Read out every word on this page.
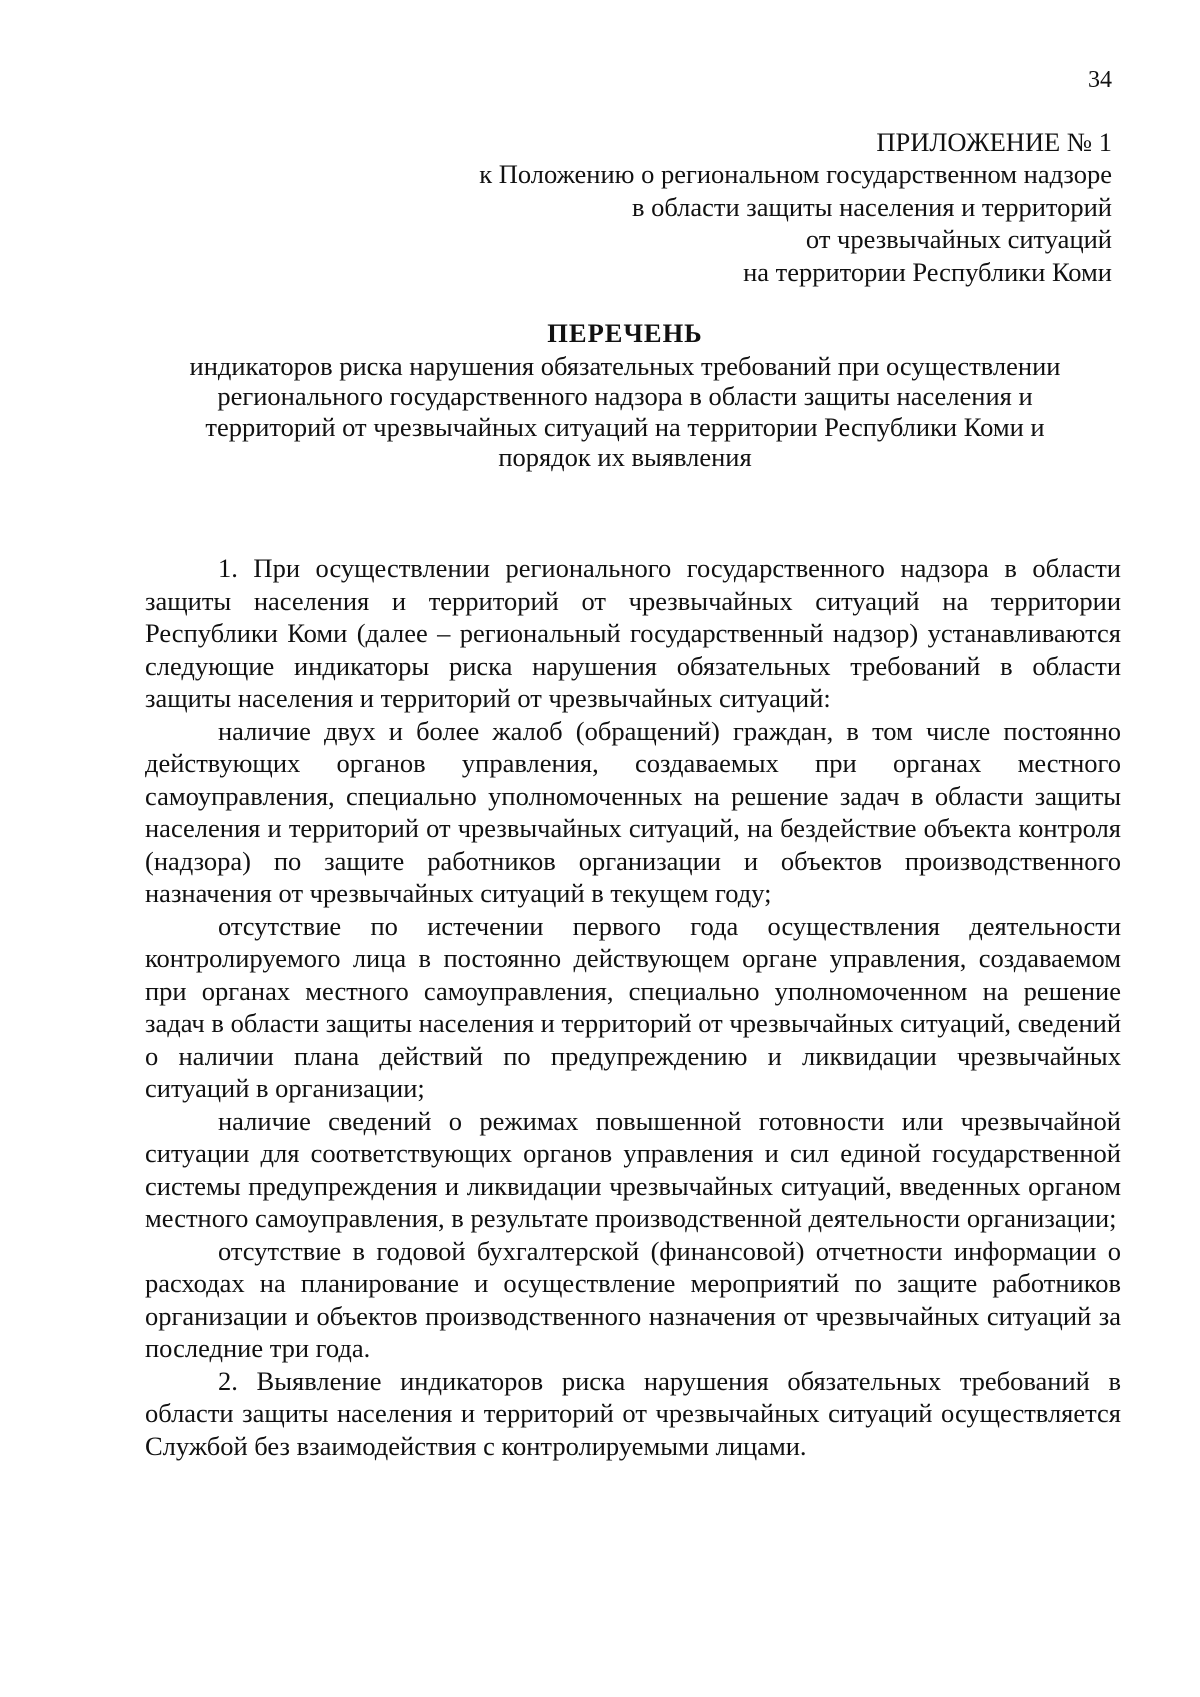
34
ПРИЛОЖЕНИЕ № 1
к Положению о региональном государственном надзоре
в области защиты населения и территорий
от чрезвычайных ситуаций
на территории Республики Коми
ПЕРЕЧЕНЬ
индикаторов риска нарушения обязательных требований при осуществлении
регионального государственного надзора в области защиты населения и
территорий от чрезвычайных ситуаций на территории Республики Коми и
порядок их выявления

1. При осуществлении регионального государственного надзора в области защиты населения и территорий от чрезвычайных ситуаций на территории Республики Коми (далее – региональный государственный надзор) устанавливаются следующие индикаторы риска нарушения обязательных требований в области защиты населения и территорий от чрезвычайных ситуаций:

наличие двух и более жалоб (обращений) граждан, в том числе постоянно действующих органов управления, создаваемых при органах местного самоуправления, специально уполномоченных на решение задач в области защиты населения и территорий от чрезвычайных ситуаций, на бездействие объекта контроля (надзора) по защите работников организации и объектов производственного назначения от чрезвычайных ситуаций в текущем году;

отсутствие по истечении первого года осуществления деятельности контролируемого лица в постоянно действующем органе управления, создаваемом при органах местного самоуправления, специально уполномоченном на решение задач в области защиты населения и территорий от чрезвычайных ситуаций, сведений о наличии плана действий по предупреждению и ликвидации чрезвычайных ситуаций в организации;

наличие сведений о режимах повышенной готовности или чрезвычайной ситуации для соответствующих органов управления и сил единой государственной системы предупреждения и ликвидации чрезвычайных ситуаций, введенных органом местного самоуправления, в результате производственной деятельности организации;

отсутствие в годовой бухгалтерской (финансовой) отчетности информации о расходах на планирование и осуществление мероприятий по защите работников организации и объектов производственного назначения от чрезвычайных ситуаций за последние три года.

2. Выявление индикаторов риска нарушения обязательных требований в области защиты населения и территорий от чрезвычайных ситуаций осуществляется Службой без взаимодействия с контролируемыми лицами.
